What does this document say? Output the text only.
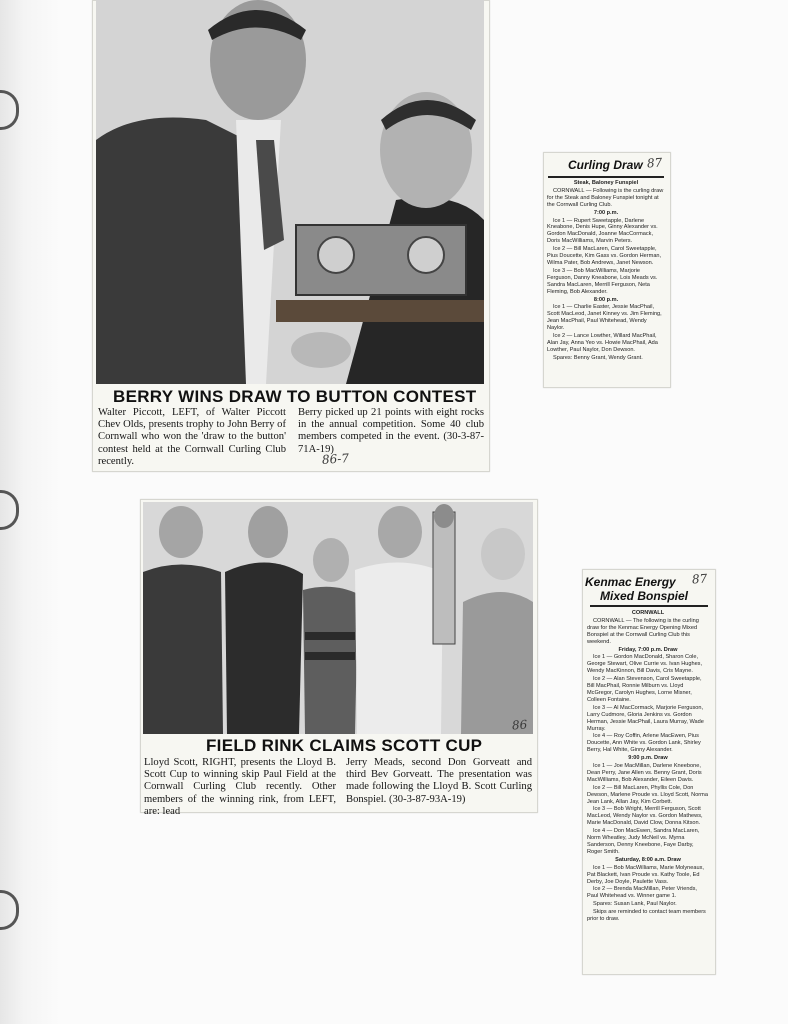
BERRY WINS DRAW TO BUTTON CONTEST
Walter Piccott, LEFT, of Walter Piccott Chev Olds, presents trophy to John Berry of Cornwall who won the 'draw to the button' contest held at the Cornwall Curling Club recently.
Berry picked up 21 points with eight rocks in the annual competition. Some 40 club members competed in the event. (30-3-87-71A-19)
86-7
FIELD RINK CLAIMS SCOTT CUP
Lloyd Scott, RIGHT, presents the Lloyd B. Scott Cup to winning skip Paul Field at the Cornwall Curling Club recently. Other members of the winning rink, from LEFT, are: lead
Jerry Meads, second Don Gorveatt and third Bev Gorveatt. The presentation was made following the Lloyd B. Scott Curling Bonspiel. (30-3-87-93A-19)
86
Curling Draw 87

Steak, Baloney Funspiel

CORNWALL — Following is the curling draw for the Steak and Baloney Funspiel tonight at the Cornwall Curling Club.

7:00 p.m.

Ice 1 — Rupert Sweetapple, Darlene Kneabone, Denis Hupe, Ginny Alexander vs. Gordon MacDonald, Joanne MacCormack, Doris MacWilliams, Marvin Peters.

Ice 2 — Bill MacLaren, Carol Sweetapple, Pius Doucette, Kim Gass vs. Gordon Herman, Wilma Pater, Bob Andrews, Janet Newson.

Ice 3 — Bob MacWilliams, Marjorie Ferguson, Danny Kneabone, Lois Meads vs. Sandra MacLaren, Merrill Ferguson, Neta Fleming, Bob Alexander.

8:00 p.m.

Ice 1 — Charlie Easter, Jessie MacPhail, Scott MacLeod, Janet Kinney vs. Jim Fleming, Jean MacPhail, Paul Whitehead, Wendy Naylor.

Ice 2 — Lance Lowther, Willard MacPhail, Alan Jay, Anna Yeo vs. Howie MacPhail, Ada Lowther, Paul Naylor, Don Dewson.

Spares: Benny Grant, Wendy Grant.

Kenmac Energy
Mixed Bonspiel
87

CORNWALL

CORNWALL — The following is the curling draw for the Kenmac Energy Opening Mixed Bonspiel at the Cornwall Curling Club this weekend.

Friday, 7:00 p.m. Draw

Ice 1 — Gordon MacDonald, Sharon Cole, George Stewart, Olive Currie vs. Ivan Hughes, Wendy MacKinnon, Bill Davis, Cris Mayne.

Ice 2 — Alan Stevenson, Carol Sweetapple, Bill MacPhail, Ronnie Milburn vs. Lloyd McGregor, Carolyn Hughes, Lorne Misner, Colleen Fontaine.

Ice 3 — Al MacCormack, Marjorie Ferguson, Larry Cudmore, Gloria Jenkins vs. Gordon Herman, Jessie MacPhail, Laura Murray, Wade Murray.

Ice 4 — Roy Coffin, Arlene MacEwen, Pius Doucette, Ann White vs. Gordon Lank, Shirley Berry, Hal White, Ginny Alexander.

9:00 p.m. Draw

Ice 1 — Joe MacMillan, Darlene Kneebone, Dean Perry, Jane Allen vs. Benny Grant, Doris MacWilliams, Bob Alexander, Eileen Davis.

Ice 2 — Bill MacLaren, Phyllis Cole, Don Dewson, Marlene Proude vs. Lloyd Scott, Norma Jean Lank, Allan Jay, Kim Corbett.

Ice 3 — Bob Wright, Merrill Ferguson, Scott MacLeod, Wendy Naylor vs. Gordon Mathews, Marie MacDonald, David Clow, Donna Kitson.

Ice 4 — Don MacEwen, Sandra MacLaren, Norm Wheatley, Judy McNeil vs. Myrna Sanderson, Denny Kneebone, Faye Darby, Roger Smith.

Saturday, 8:00 a.m. Draw

Ice 1 — Bob MacWilliams, Marie Molyneaux, Pat Blackett, Ivan Proude vs. Kathy Toole, Ed Derby, Joe Doyle, Paulette Vass.

Ice 2 — Brenda MacMillan, Peter Vriends, Paul Whitehead vs. Winner game 1.

Spares: Susan Lank, Paul Naylor.

Skips are reminded to contact team members prior to draw.
